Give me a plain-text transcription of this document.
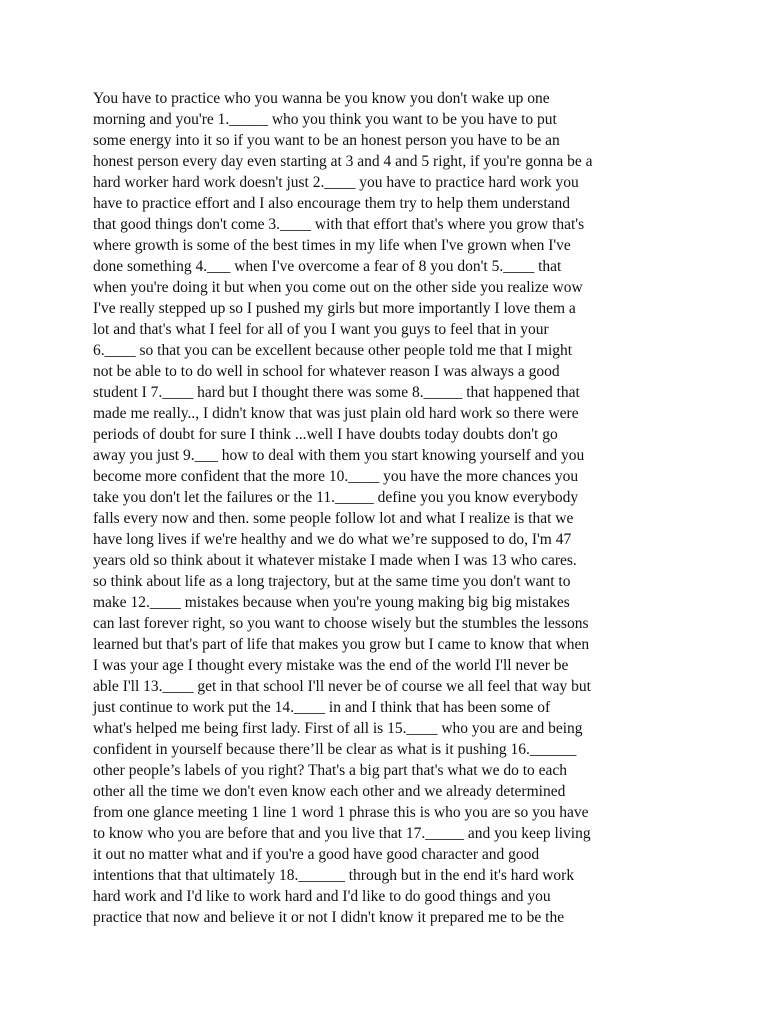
You have to practice who you wanna be you know you don't wake up one
morning and you're 1._____ who you think you want to be you have to put
some energy into it so if you want to be an honest person you have to be an
honest person every day even starting at 3 and 4 and 5 right, if you're gonna be a
hard worker hard work doesn't just 2.____ you have to practice hard work you
have to practice effort and I also encourage them try to help them understand
that good things don't come 3.____ with that effort that's where you grow that's
where growth is some of the best times in my life when I've grown when I've
done something 4.___ when I've overcome a fear of 8 you don't 5.____ that
when you're doing it but when you come out on the other side you realize wow
I've really stepped up so I pushed my girls but more importantly I love them a
lot and that's what I feel for all of you I want you guys to feel that in your
6.____ so that you can be excellent because other people told me that I might
not be able to to do well in school for whatever reason I was always a good
student I 7.____ hard but I thought there was some 8._____ that happened that
made me really.., I didn't know that was just plain old hard work so there were
periods of doubt for sure I think ...well I have doubts today doubts don't go
away you just 9.___ how to deal with them you start knowing yourself and you
become more confident that the more 10.____ you have the more chances you
take you don't let the failures or the 11._____ define you you know everybody
falls every now and then. some people follow lot and what I realize is that we
have long lives if we're healthy and we do what we’re supposed to do, I'm 47
years old so think about it whatever mistake I made when I was 13 who cares.
so think about life as a long trajectory, but at the same time you don't want to
make 12.____ mistakes because when you're young making big big mistakes
can last forever right, so you want to choose wisely but the stumbles the lessons
learned but that's part of life that makes you grow but I came to know that when
I was your age I thought every mistake was the end of the world I'll never be
able I'll 13.____ get in that school I'll never be of course we all feel that way but
just continue to work put the 14.____ in and I think that has been some of
what's helped me being first lady. First of all is 15.____ who you are and being
confident in yourself because there’ll be clear as what is it pushing 16.______
other people’s labels of you right? That's a big part that's what we do to each
other all the time we don't even know each other and we already determined
from one glance meeting 1 line 1 word 1 phrase this is who you are so you have
to know who you are before that and you live that 17._____ and you keep living
it out no matter what and if you're a good have good character and good
intentions that that ultimately 18.______ through but in the end it's hard work
hard work and I'd like to work hard and I'd like to do good things and you
practice that now and believe it or not I didn't know it prepared me to be the
